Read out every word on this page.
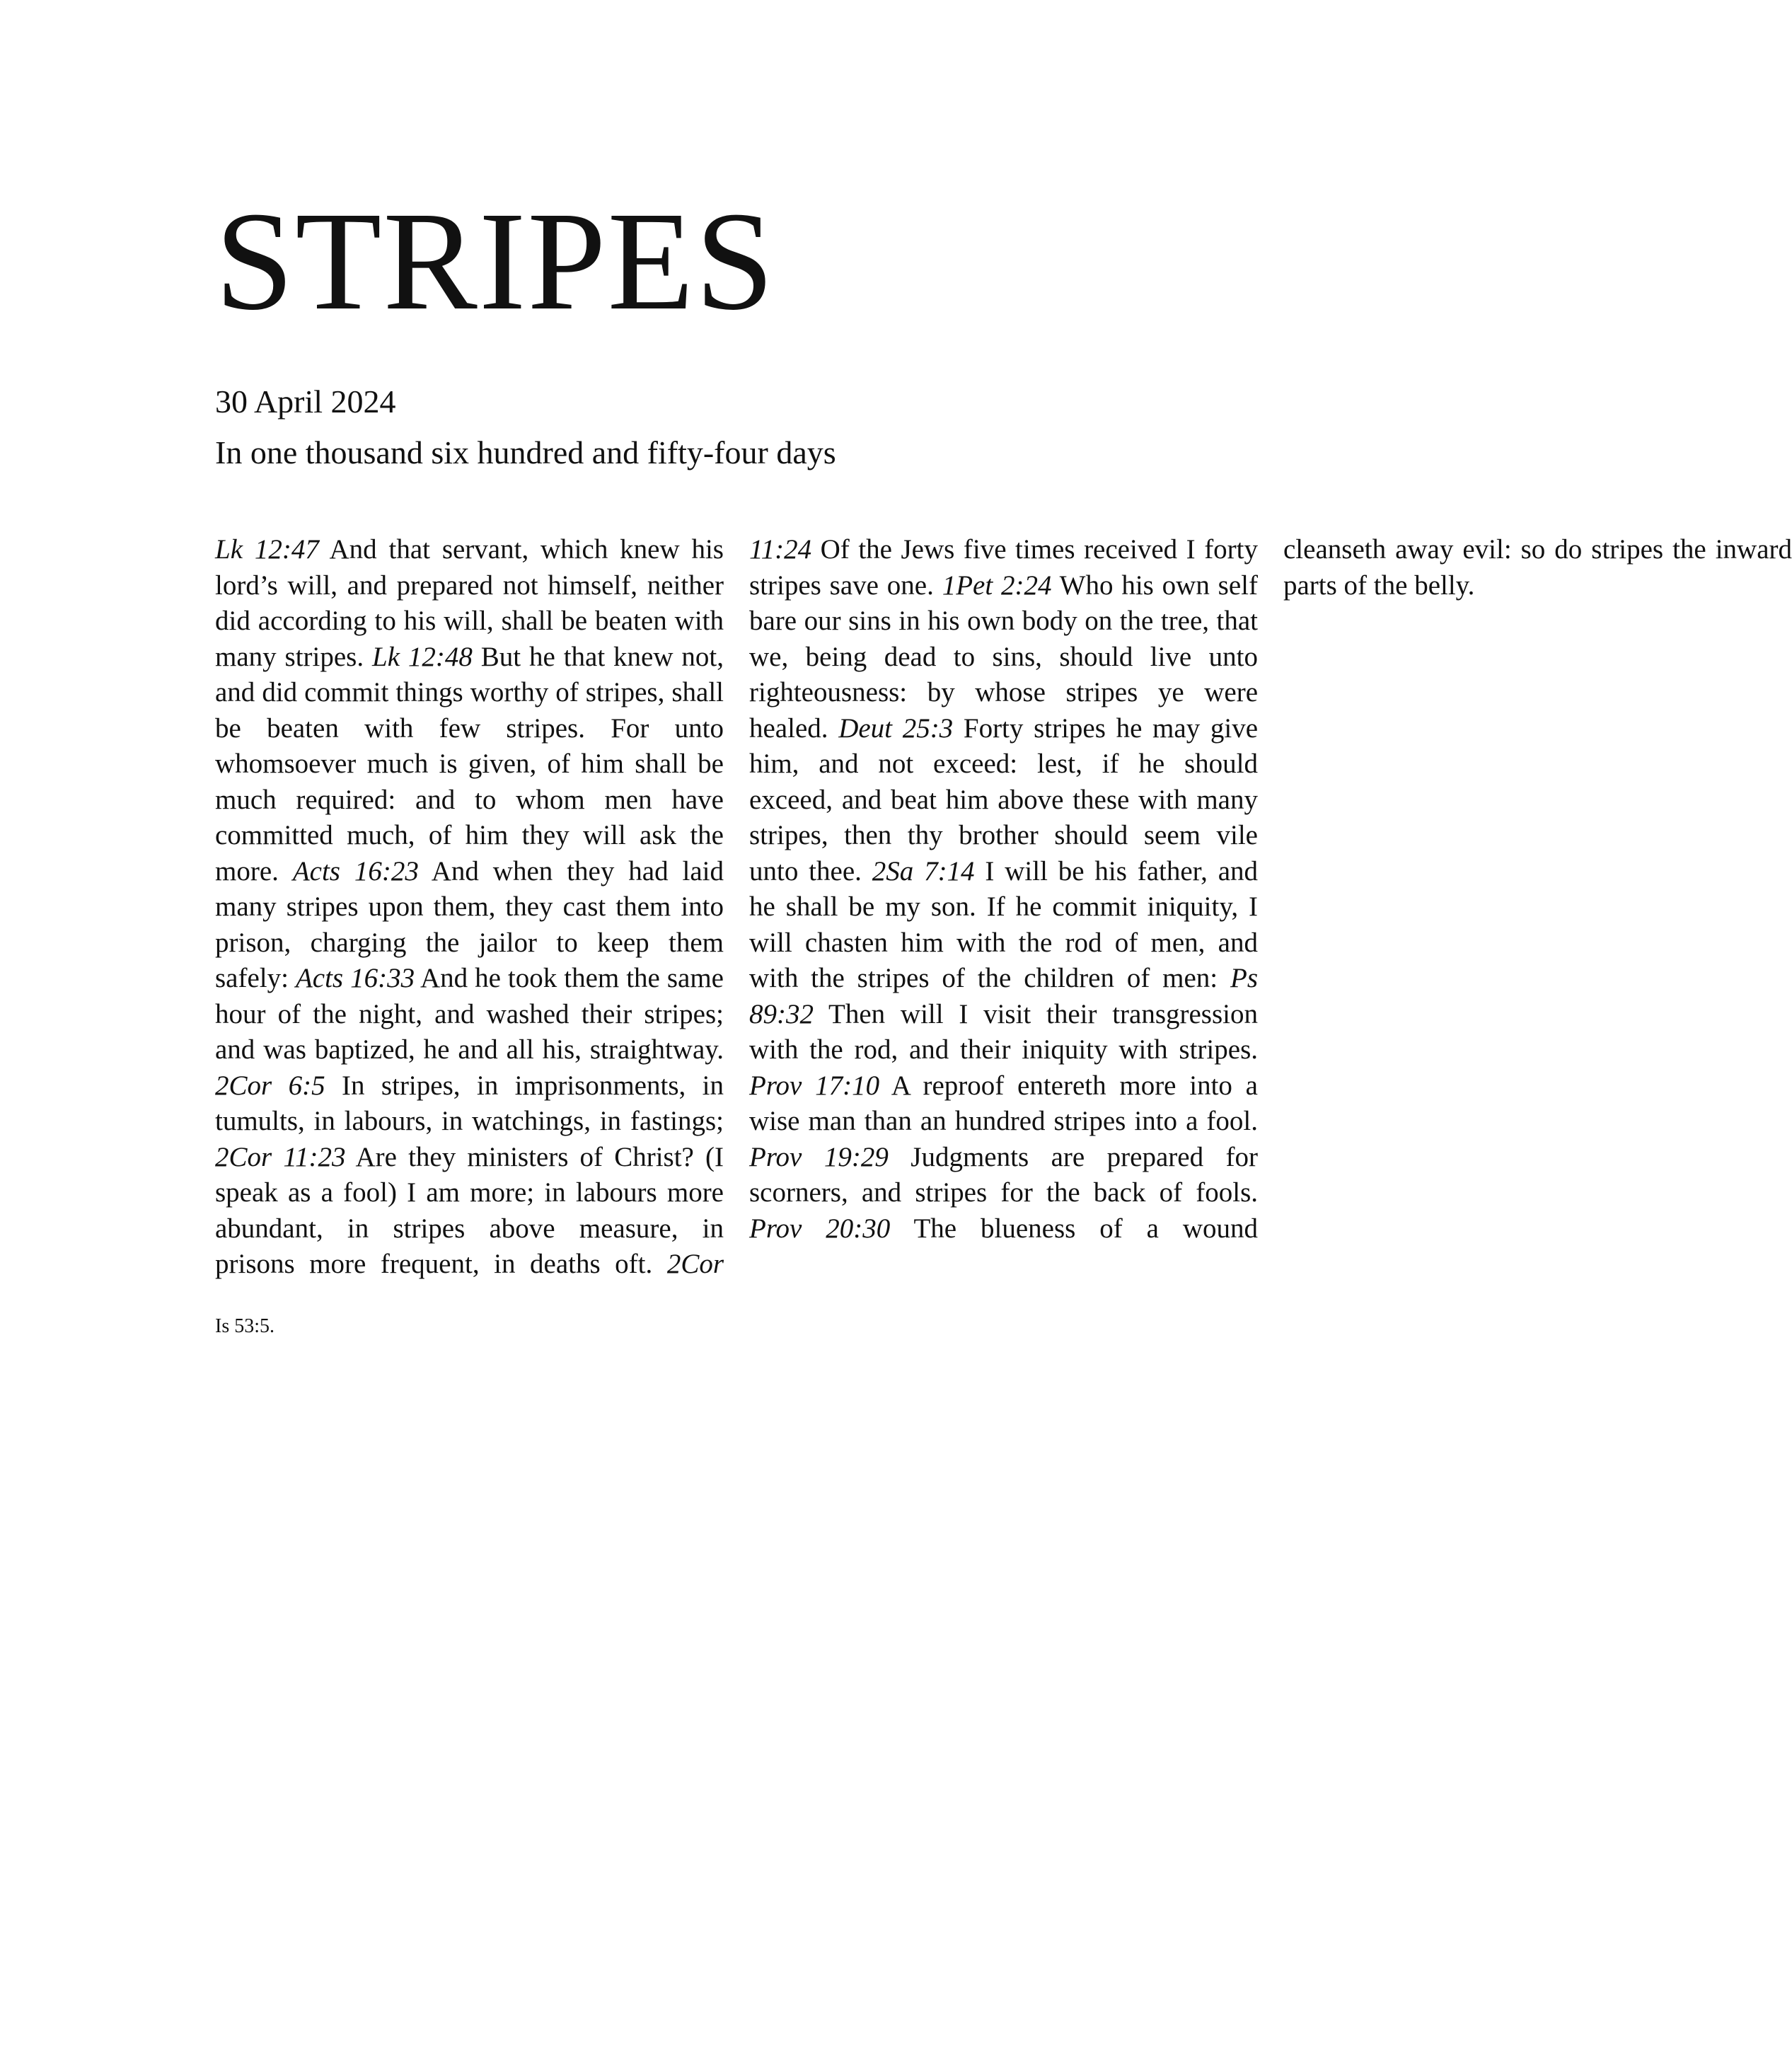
STRIPES

30 April 2024

In one thousand six hundred and fifty-four days

Lk 12:47 And that servant, which knew his lord’s will, and prepared not himself, neither did according to his will, shall be beaten with many stripes. Lk 12:48 But he that knew not, and did commit things worthy of stripes, shall be beaten with few stripes. For unto whomsoever much is given, of him shall be much required: and to whom men have committed much, of him they will ask the more. Acts 16:23 And when they had laid many stripes upon them, they cast them into prison, charging the jailor to keep them safely: Acts 16:33 And he took them the same hour of the night, and washed their stripes; and was baptized, he and all his, straightway. 2Cor 6:5 In stripes, in imprisonments, in tumults, in labours, in watchings, in fastings; 2Cor 11:23 Are they ministers of Christ? (I speak as a fool) I am more; in labours more abundant, in stripes above measure, in prisons more frequent, in deaths oft. 2Cor 11:24 Of the Jews five times received I forty stripes save one. 1Pet 2:24 Who his own self bare our sins in his own body on the tree, that we, being dead to sins, should live unto righteousness: by whose stripes ye were healed. Deut 25:3 Forty stripes he may give him, and not exceed: lest, if he should exceed, and beat him above these with many stripes, then thy brother should seem vile unto thee. 2Sa 7:14 I will be his father, and he shall be my son. If he commit iniquity, I will chasten him with the rod of men, and with the stripes of the children of men: Ps 89:32 Then will I visit their transgression with the rod, and their iniquity with stripes. Prov 17:10 A reproof entereth more into a wise man than an hundred stripes into a fool. Prov 19:29 Judgments are prepared for scorners, and stripes for the back of fools. Prov 20:30 The blueness of a wound cleanseth away evil: so do stripes the inward parts of the belly.

Is 53:5.
